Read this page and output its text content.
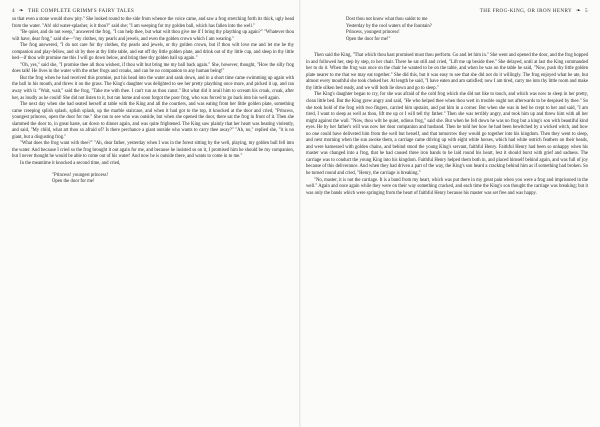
4 ❧ THE COMPLETE GRIMM'S FAIRY TALES

so that even a stone would show pity." She looked round to the side from whence the voice came, and saw a frog stretching forth its thick, ugly head from the water. "Ah! old water-splasher, is it thou?" said she; "I am weeping for my golden ball, which has fallen into the well."

"Be quiet, and do not weep," answered the frog, "I can help thee, but what wilt thou give me if I bring thy plaything up again?" "Whatever thou wilt have, dear frog," said she—"my clothes, my pearls and jewels, and even the golden crown which I am wearing."

The frog answered, "I do not care for thy clothes, thy pearls and jewels, or thy golden crown, but if thou wilt love me and let me be thy companion and play-fellow, and sit by thee at thy little table, and eat off thy little golden plate, and drink out of thy little cup, and sleep in thy little bed—if thou wilt promise me this I will go down below, and bring thee thy golden ball up again."

"Oh, yes," said she, "I promise thee all thou wishest, if thou wilt but bring me my ball back again." She, however, thought, "How the silly frog does talk! He lives in the water with the other frogs and croaks, and can be no companion to any human being!"

But the frog when he had received this promise, put his head into the water and sank down, and in a short time came swimming up again with the ball in his mouth, and threw it on the grass. The King's daughter was delighted to see her pretty plaything once more, and picked it up, and ran away with it. "Wait, wait," said the frog, "Take me with thee. I can't run as thou canst." But what did it avail him to scream his croak, croak, after her, as loudly as he could! She did not listen to it, but ran home and soon forgot the poor frog, who was forced to go back into his well again.

The next day when she had seated herself at table with the King and all the courtiers, and was eating from her little golden plate, something came creeping splish splash, splish splash, up the marble staircase, and when it had got to the top, it knocked at the door and cried, "Princess, youngest princess, open the door for me." She ran to see who was outside, but when she opened the door, there sat the frog in front of it. Then she slammed the door to, in great haste, sat down to dinner again, and was quite frightened. The King saw plainly that her heart was beating violently, and said, "My child, what art thou so afraid of? Is there perchance a giant outside who wants to carry thee away?" "Ah, no," replied she, "it is no giant, but a disgusting frog."

"What does the frog want with thee?" "Ah, dear father, yesterday when I was in the forest sitting by the well, playing, my golden ball fell into the water. And because I cried so the frog brought it out again for me, and because he insisted so on it, I promised him he should be my companion, but I never thought he would be able to come out of his water! And now he is outside there, and wants to come in to me."

In the meantime it knocked a second time, and cried,

"Princess! youngest princess!
Open the door for me!
THE FROG-KING, OR IRON HENRY ❧ 5
Dost thou not know what thou saidst to me
Yesterday by the cool waters of the fountain?
Princess, youngest princess!
Open the door for me!"

Then said the King, "That which thou hast promised must thou perform. Go and let him in." She went and opened the door, and the frog hopped in and followed her, step by step, to her chair. There he sat still and cried, "Lift me up beside thee." She delayed, until at last the King commanded her to do it. When the frog was once on the chair he wanted to be on the table, and when he was on the table he said, "Now, push thy little golden plate nearer to me that we may eat together." She did this, but it was easy to see that she did not do it willingly. The frog enjoyed what he ate, but almost every mouthful she took choked her. At length he said, "I have eaten and am satisfied; now I am tired, carry me into thy little room and make thy little silken bed ready, and we will both lie down and go to sleep."

The King's daughter began to cry, for she was afraid of the cold frog which she did not like to touch, and which was now to sleep in her pretty, clean little bed. But the King grew angry and said, "He who helped thee when thou wert in trouble ought not afterwards to be despised by thee." So she took hold of the frog with two fingers, carried him upstairs, and put him in a corner. But when she was in bed he crept to her and said, "I am tired, I want to sleep as well as thou, lift me up or I will tell thy father." Then she was terribly angry, and took him up and threw him with all her might against the wall. "Now, thou wilt be quiet, odious frog," said she. But when he fell down he was no frog but a king's son with beautiful kind eyes. He by her father's will was now her dear companion and husband. Then he told her how he had been bewitched by a wicked witch, and how no one could have delivered him from the well but herself, and that tomorrow they would go together into his kingdom. Then they went to sleep, and next morning when the sun awoke them, a carriage came driving up with eight white horses, which had white ostrich feathers on their heads, and were harnessed with golden chains, and behind stood the young King's servant, faithful Henry. Faithful Henry had been so unhappy when his master was changed into a frog, that he had caused three iron bands to be laid round his heart, lest it should burst with grief and sadness. The carriage was to conduct the young King into his kingdom. Faithful Henry helped them both in, and placed himself behind again, and was full of joy because of this deliverance. And when they had driven a part of the way, the King's son heard a cracking behind him as if something had broken. So he turned round and cried, "Henry, the carriage is breaking."

"No, master, it is not the carriage. It is a band from my heart, which was put there in my great pain when you were a frog and imprisoned in the well." Again and once again while they were on their way something cracked, and each time the King's son thought the carriage was breaking; but it was only the bands which were springing from the heart of faithful Henry because his master was set free and was happy.
